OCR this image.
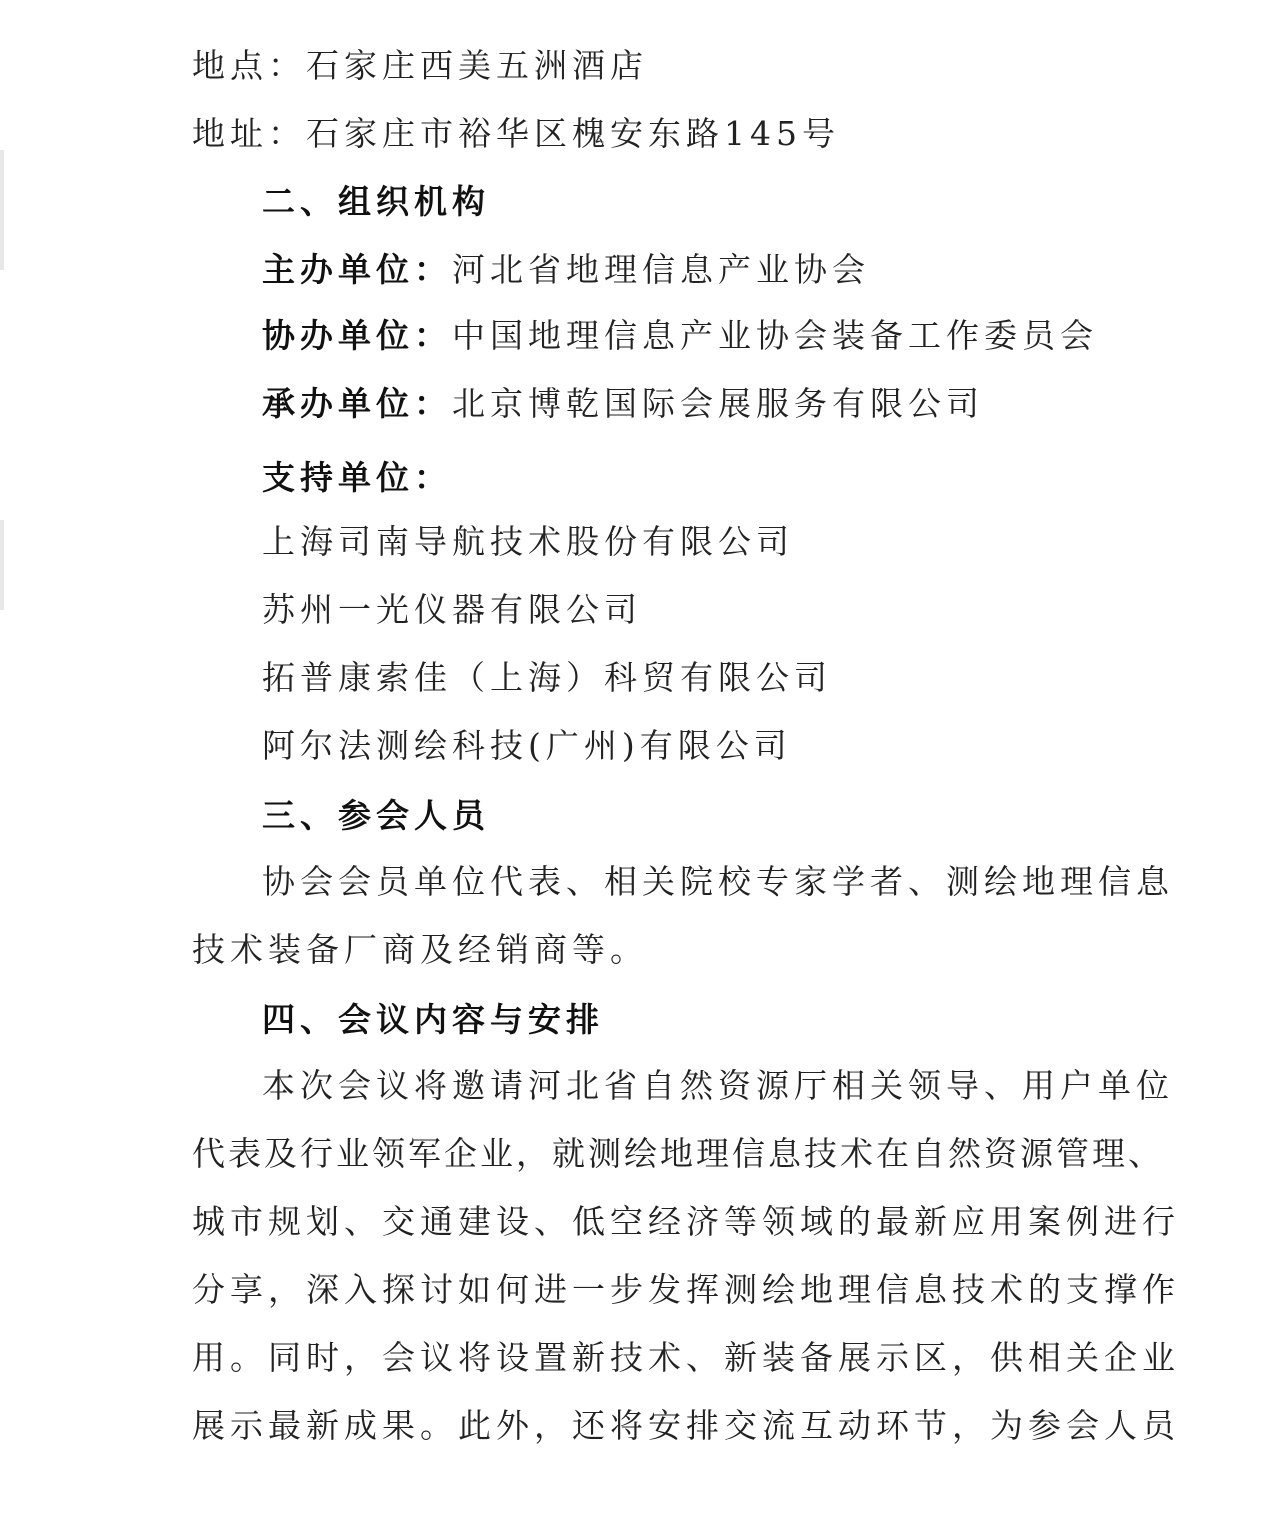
地点：石家庄西美五洲酒店
地址：石家庄市裕华区槐安东路145号
二、组织机构
主办单位：河北省地理信息产业协会
协办单位：中国地理信息产业协会装备工作委员会
承办单位：北京博乾国际会展服务有限公司
支持单位：
上海司南导航技术股份有限公司
苏州一光仪器有限公司
拓普康索佳（上海）科贸有限公司
阿尔法测绘科技(广州)有限公司
三、参会人员
协会会员单位代表、相关院校专家学者、测绘地理信息
技术装备厂商及经销商等。
四、会议内容与安排
本次会议将邀请河北省自然资源厅相关领导、用户单位
代表及行业领军企业，就测绘地理信息技术在自然资源管理、
城市规划、交通建设、低空经济等领域的最新应用案例进行
分享，深入探讨如何进一步发挥测绘地理信息技术的支撑作
用。同时，会议将设置新技术、新装备展示区，供相关企业
展示最新成果。此外，还将安排交流互动环节，为参会人员
